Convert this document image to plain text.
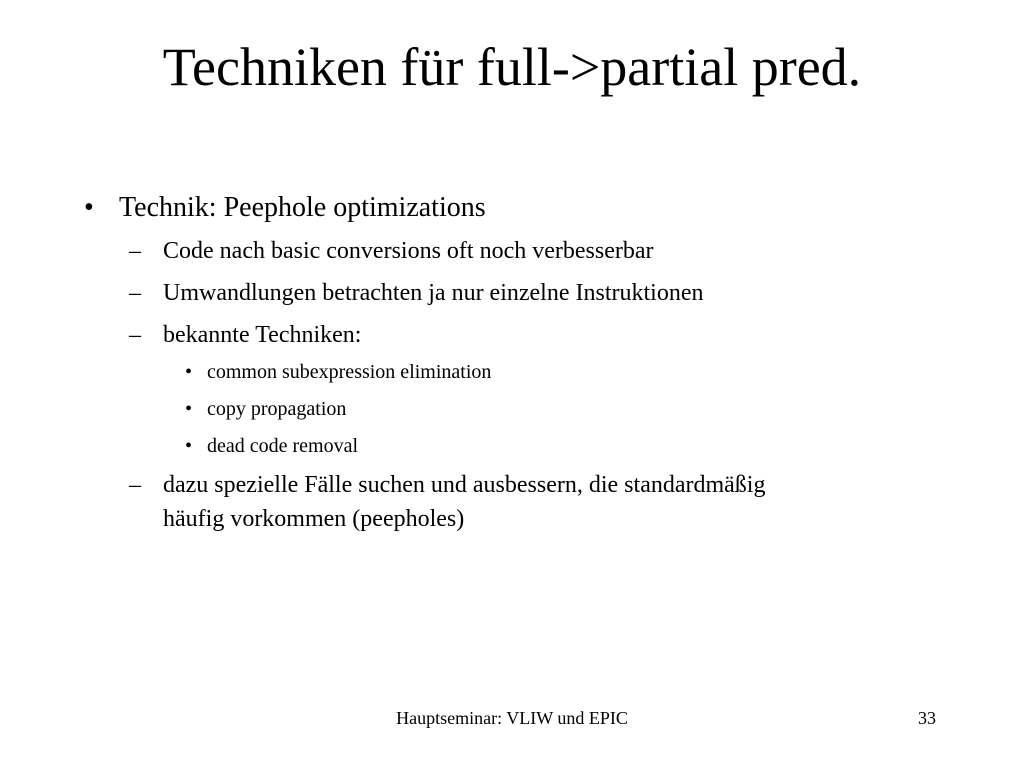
Techniken für full->partial pred.
• Technik: Peephole optimizations
– Code nach basic conversions oft noch verbesserbar
– Umwandlungen betrachten ja nur einzelne Instruktionen
– bekannte Techniken:
• common subexpression elimination
• copy propagation
• dead code removal
– dazu spezielle Fälle suchen und ausbessern, die standardmäßig
häufig vorkommen (peepholes)
Hauptseminar: VLIW und EPIC	33
